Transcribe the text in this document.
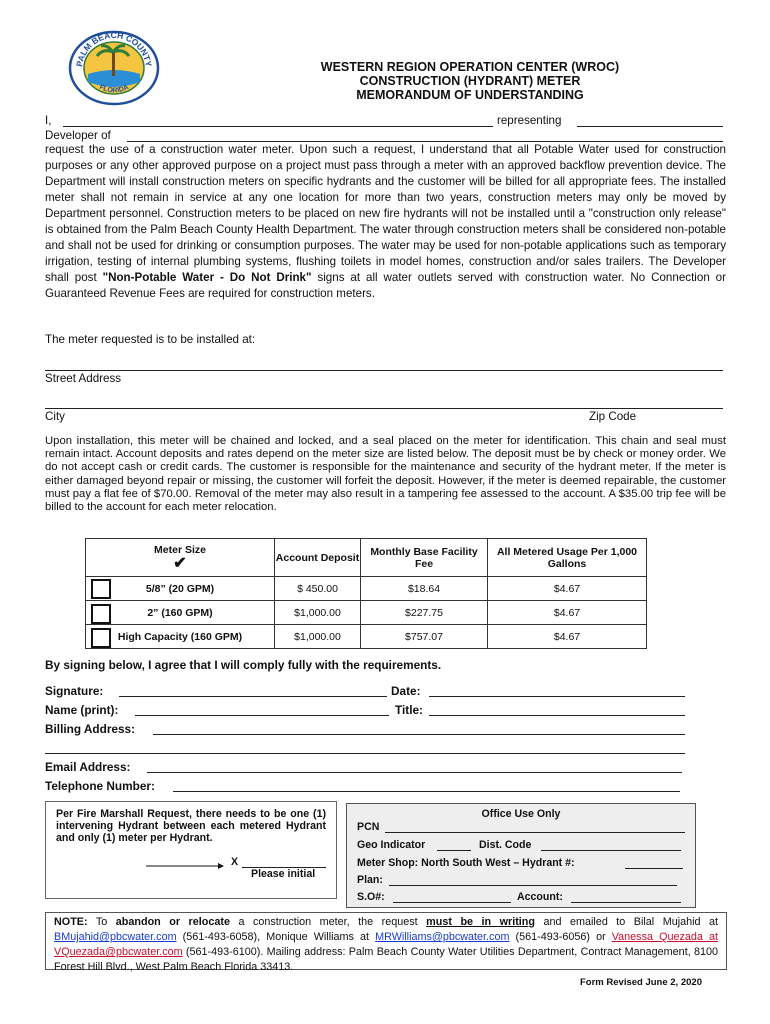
PALM BEACH COUNTY
FLORIDA
WESTERN REGION OPERATION CENTER (WROC)
CONSTRUCTION (HYDRANT) METER
MEMORANDUM OF UNDERSTANDING
I,	representing
Developer of
request the use of a construction water meter. Upon such a request, I understand that all Potable Water used for construction purposes or any other approved purpose on a project must pass through a meter with an approved backflow prevention device. The Department will install construction meters on specific hydrants and the customer will be billed for all appropriate fees. The installed meter shall not remain in service at any one location for more than two years, construction meters may only be moved by Department personnel. Construction meters to be placed on new fire hydrants will not be installed until a "construction only release" is obtained from the Palm Beach County Health Department. The water through construction meters shall be considered non-potable and shall not be used for drinking or consumption purposes. The water may be used for non-potable applications such as temporary irrigation, testing of internal plumbing systems, flushing toilets in model homes, construction and/or sales trailers. The Developer shall post "Non-Potable Water - Do Not Drink" signs at all water outlets served with construction water. No Connection or Guaranteed Revenue Fees are required for construction meters.
The meter requested is to be installed at:
Street Address
City	Zip Code
Upon installation, this meter will be chained and locked, and a seal placed on the meter for identification. This chain and seal must remain intact. Account deposits and rates depend on the meter size are listed below. The deposit must be by check or money order. We do not accept cash or credit cards. The customer is responsible for the maintenance and security of the hydrant meter. If the meter is either damaged beyond repair or missing, the customer will forfeit the deposit. However, if the meter is deemed repairable, the customer must pay a flat fee of $70.00. Removal of the meter may also result in a tampering fee assessed to the account. A $35.00 trip fee will be billed to the account for each meter relocation.
Meter Size
✔	Account Deposit	Monthly Base Facility Fee	All Metered Usage Per 1,000 Gallons
5/8” (20 GPM)	$ 450.00	$18.64	$4.67
2” (160 GPM)	$1,000.00	$227.75	$4.67
High Capacity (160 GPM)	$1,000.00	$757.07	$4.67
By signing below, I agree that I will comply fully with the requirements.
Signature:	Date:
Name (print):	Title:
Billing Address:
Email Address:
Telephone Number:
Per Fire Marshall Request, there needs to be one (1) intervening Hydrant between each metered Hydrant and only (1) meter per Hydrant.
X
Please initial
Office Use Only
PCN
Geo Indicator	Dist. Code
Meter Shop: North South West – Hydrant #:
Plan:
S.O#:	Account:
NOTE: To abandon or relocate a construction meter, the request must be in writing and emailed to Bilal Mujahid at BMujahid@pbcwater.com (561-493-6058), Monique Williams at MRWilliams@pbcwater.com (561-493-6056) or Vanessa Quezada at VQuezada@pbcwater.com (561-493-6100). Mailing address: Palm Beach County Water Utilities Department, Contract Management, 8100 Forest Hill Blvd., West Palm Beach Florida 33413.
Form Revised June 2, 2020
